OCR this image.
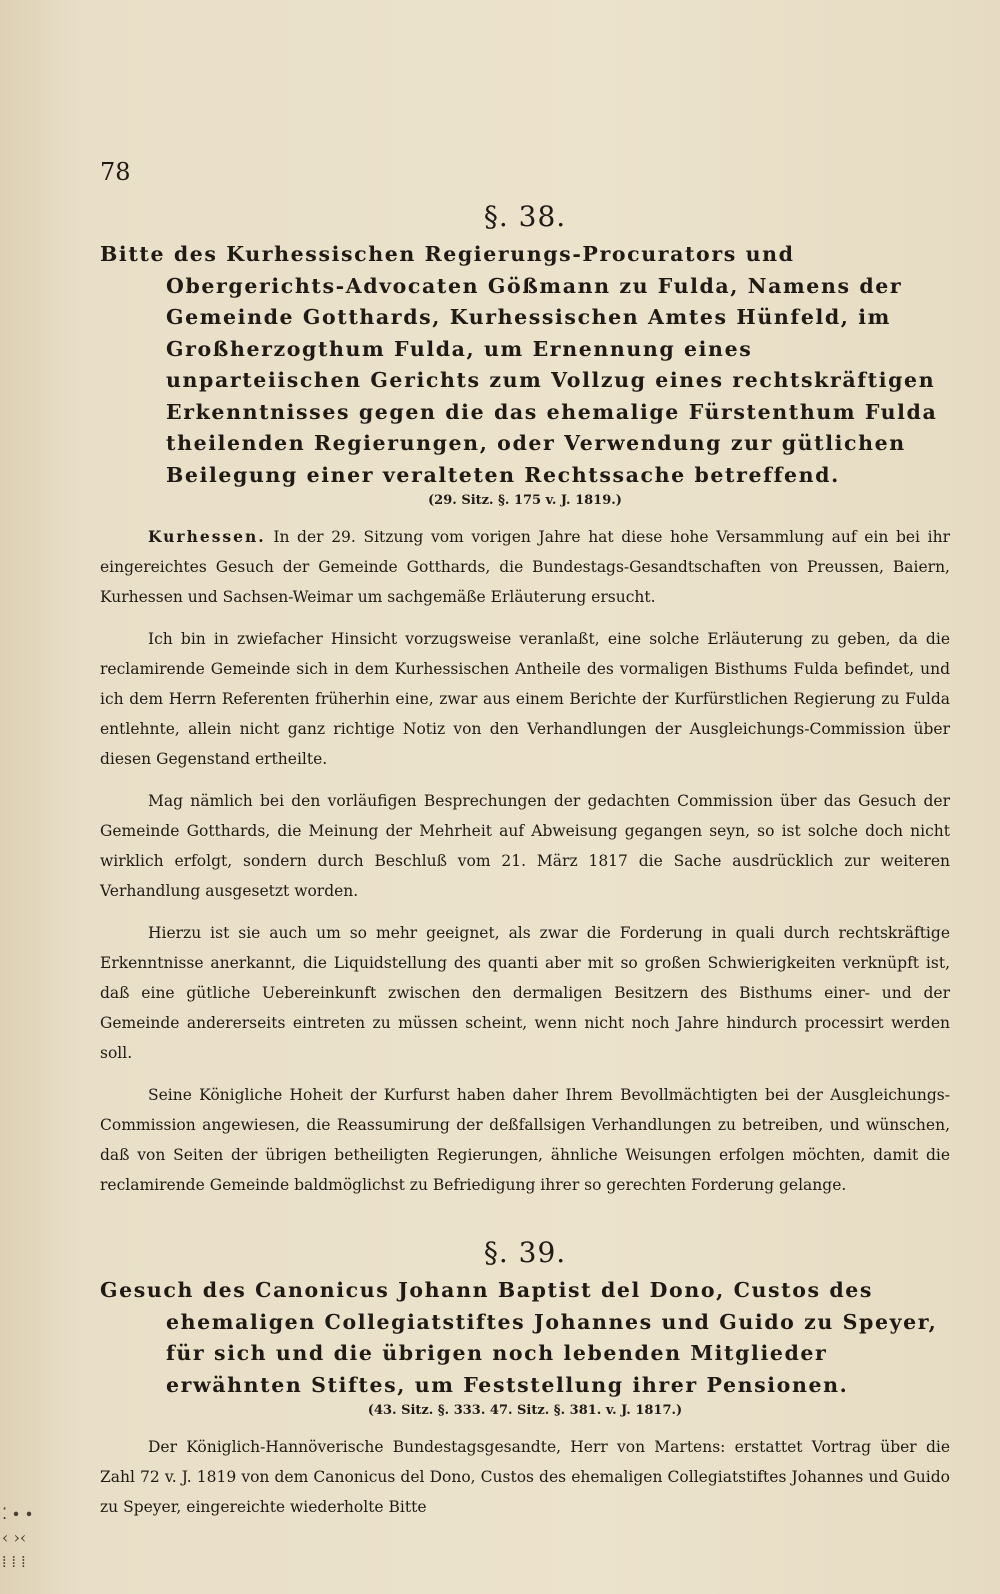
78
§. 38.

Bitte des Kurhessischen Regierungs-Procurators und Obergerichts-Advocaten Gößmann zu Fulda, Namens der Gemeinde Gotthards, Kurhessischen Amtes Hünfeld, im Großherzogthum Fulda, um Ernennung eines unparteiischen Gerichts zum Vollzug eines rechtskräftigen Erkenntnisses gegen die das ehemalige Fürstenthum Fulda theilenden Regierungen, oder Verwendung zur gütlichen Beilegung einer veralteten Rechtssache betreffend.

(29. Sitz. §. 175 v. J. 1819.)

Kurhessen. In der 29. Sitzung vom vorigen Jahre hat diese hohe Versammlung auf ein bei ihr eingereichtes Gesuch der Gemeinde Gotthards, die Bundestags-Gesandtschaften von Preussen, Baiern, Kurhessen und Sachsen-Weimar um sachgemäße Erläuterung ersucht.

Ich bin in zwiefacher Hinsicht vorzugsweise veranlaßt, eine solche Erläuterung zu geben, da die reclamirende Gemeinde sich in dem Kurhessischen Antheile des vormaligen Bisthums Fulda befindet, und ich dem Herrn Referenten früherhin eine, zwar aus einem Berichte der Kurfürstlichen Regierung zu Fulda entlehnte, allein nicht ganz richtige Notiz von den Verhandlungen der Ausgleichungs-Commission über diesen Gegenstand ertheilte.

Mag nämlich bei den vorläufigen Besprechungen der gedachten Commission über das Gesuch der Gemeinde Gotthards, die Meinung der Mehrheit auf Abweisung gegangen seyn, so ist solche doch nicht wirklich erfolgt, sondern durch Beschluß vom 21. März 1817 die Sache ausdrücklich zur weiteren Verhandlung ausgesetzt worden.

Hierzu ist sie auch um so mehr geeignet, als zwar die Forderung in quali durch rechtskräftige Erkenntnisse anerkannt, die Liquidstellung des quanti aber mit so großen Schwierigkeiten verknüpft ist, daß eine gütliche Uebereinkunft zwischen den dermaligen Besitzern des Bisthums einer- und der Gemeinde andererseits eintreten zu müssen scheint, wenn nicht noch Jahre hindurch processirt werden soll.

Seine Königliche Hoheit der Kurfurst haben daher Ihrem Bevollmächtigten bei der Ausgleichungs-Commission angewiesen, die Reassumirung der deßfallsigen Verhandlungen zu betreiben, und wünschen, daß von Seiten der übrigen betheiligten Regierungen, ähnliche Weisungen erfolgen möchten, damit die reclamirende Gemeinde baldmöglichst zu Befriedigung ihrer so gerechten Forderung gelange.

§. 39.

Gesuch des Canonicus Johann Baptist del Dono, Custos des ehemaligen Collegiatstiftes Johannes und Guido zu Speyer, für sich und die übrigen noch lebenden Mitglieder erwähnten Stiftes, um Feststellung ihrer Pensionen.

(43. Sitz. §. 333. 47. Sitz. §. 381. v. J. 1817.)

Der Königlich-Hannöverische Bundestagsgesandte, Herr von Martens: erstattet Vortrag über die Zahl 72 v. J. 1819 von dem Canonicus del Dono, Custos des ehemaligen Collegiatstiftes Johannes und Guido zu Speyer, eingereichte wiederholte Bitte

⁚ ∙ ∙
‹ ›‹
⁞ ⁞ ⁞
